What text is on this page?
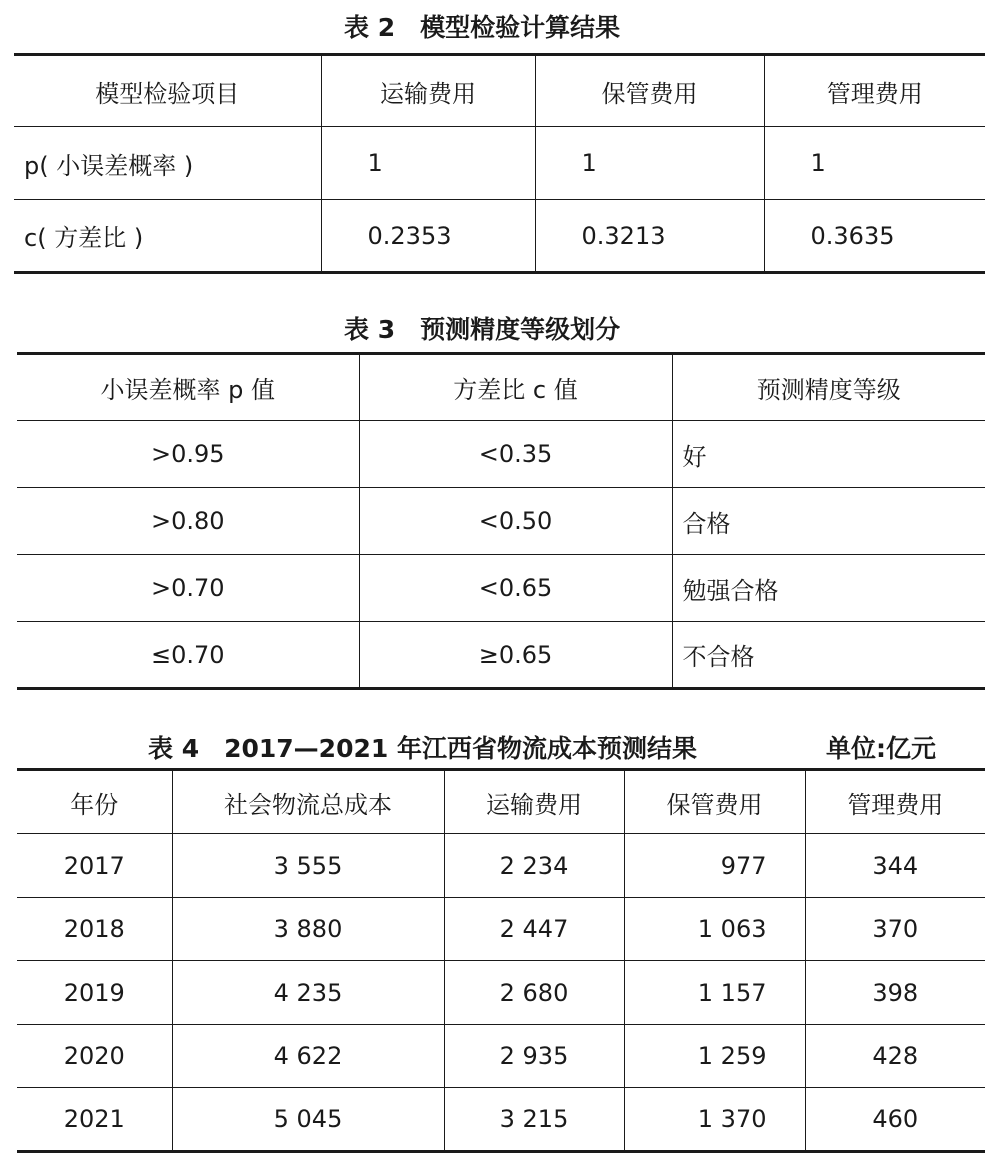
表 2　模型检验计算结果
模型检验项目	运输费用	保管费用	管理费用
p( 小误差概率 )	1	1	1
c( 方差比 )	0.2353	0.3213	0.3635
表 3　预测精度等级划分
小误差概率 p 值	方差比 c 值	预测精度等级
>0.95	<0.35	好
>0.80	<0.50	合格
>0.70	<0.65	勉强合格
≤0.70	≥0.65	不合格
表 4　2017—2021 年江西省物流成本预测结果	单位:亿元
年份	社会物流总成本	运输费用	保管费用	管理费用
2017	3 555	2 234	977	344
2018	3 880	2 447	1 063	370
2019	4 235	2 680	1 157	398
2020	4 622	2 935	1 259	428
2021	5 045	3 215	1 370	460
